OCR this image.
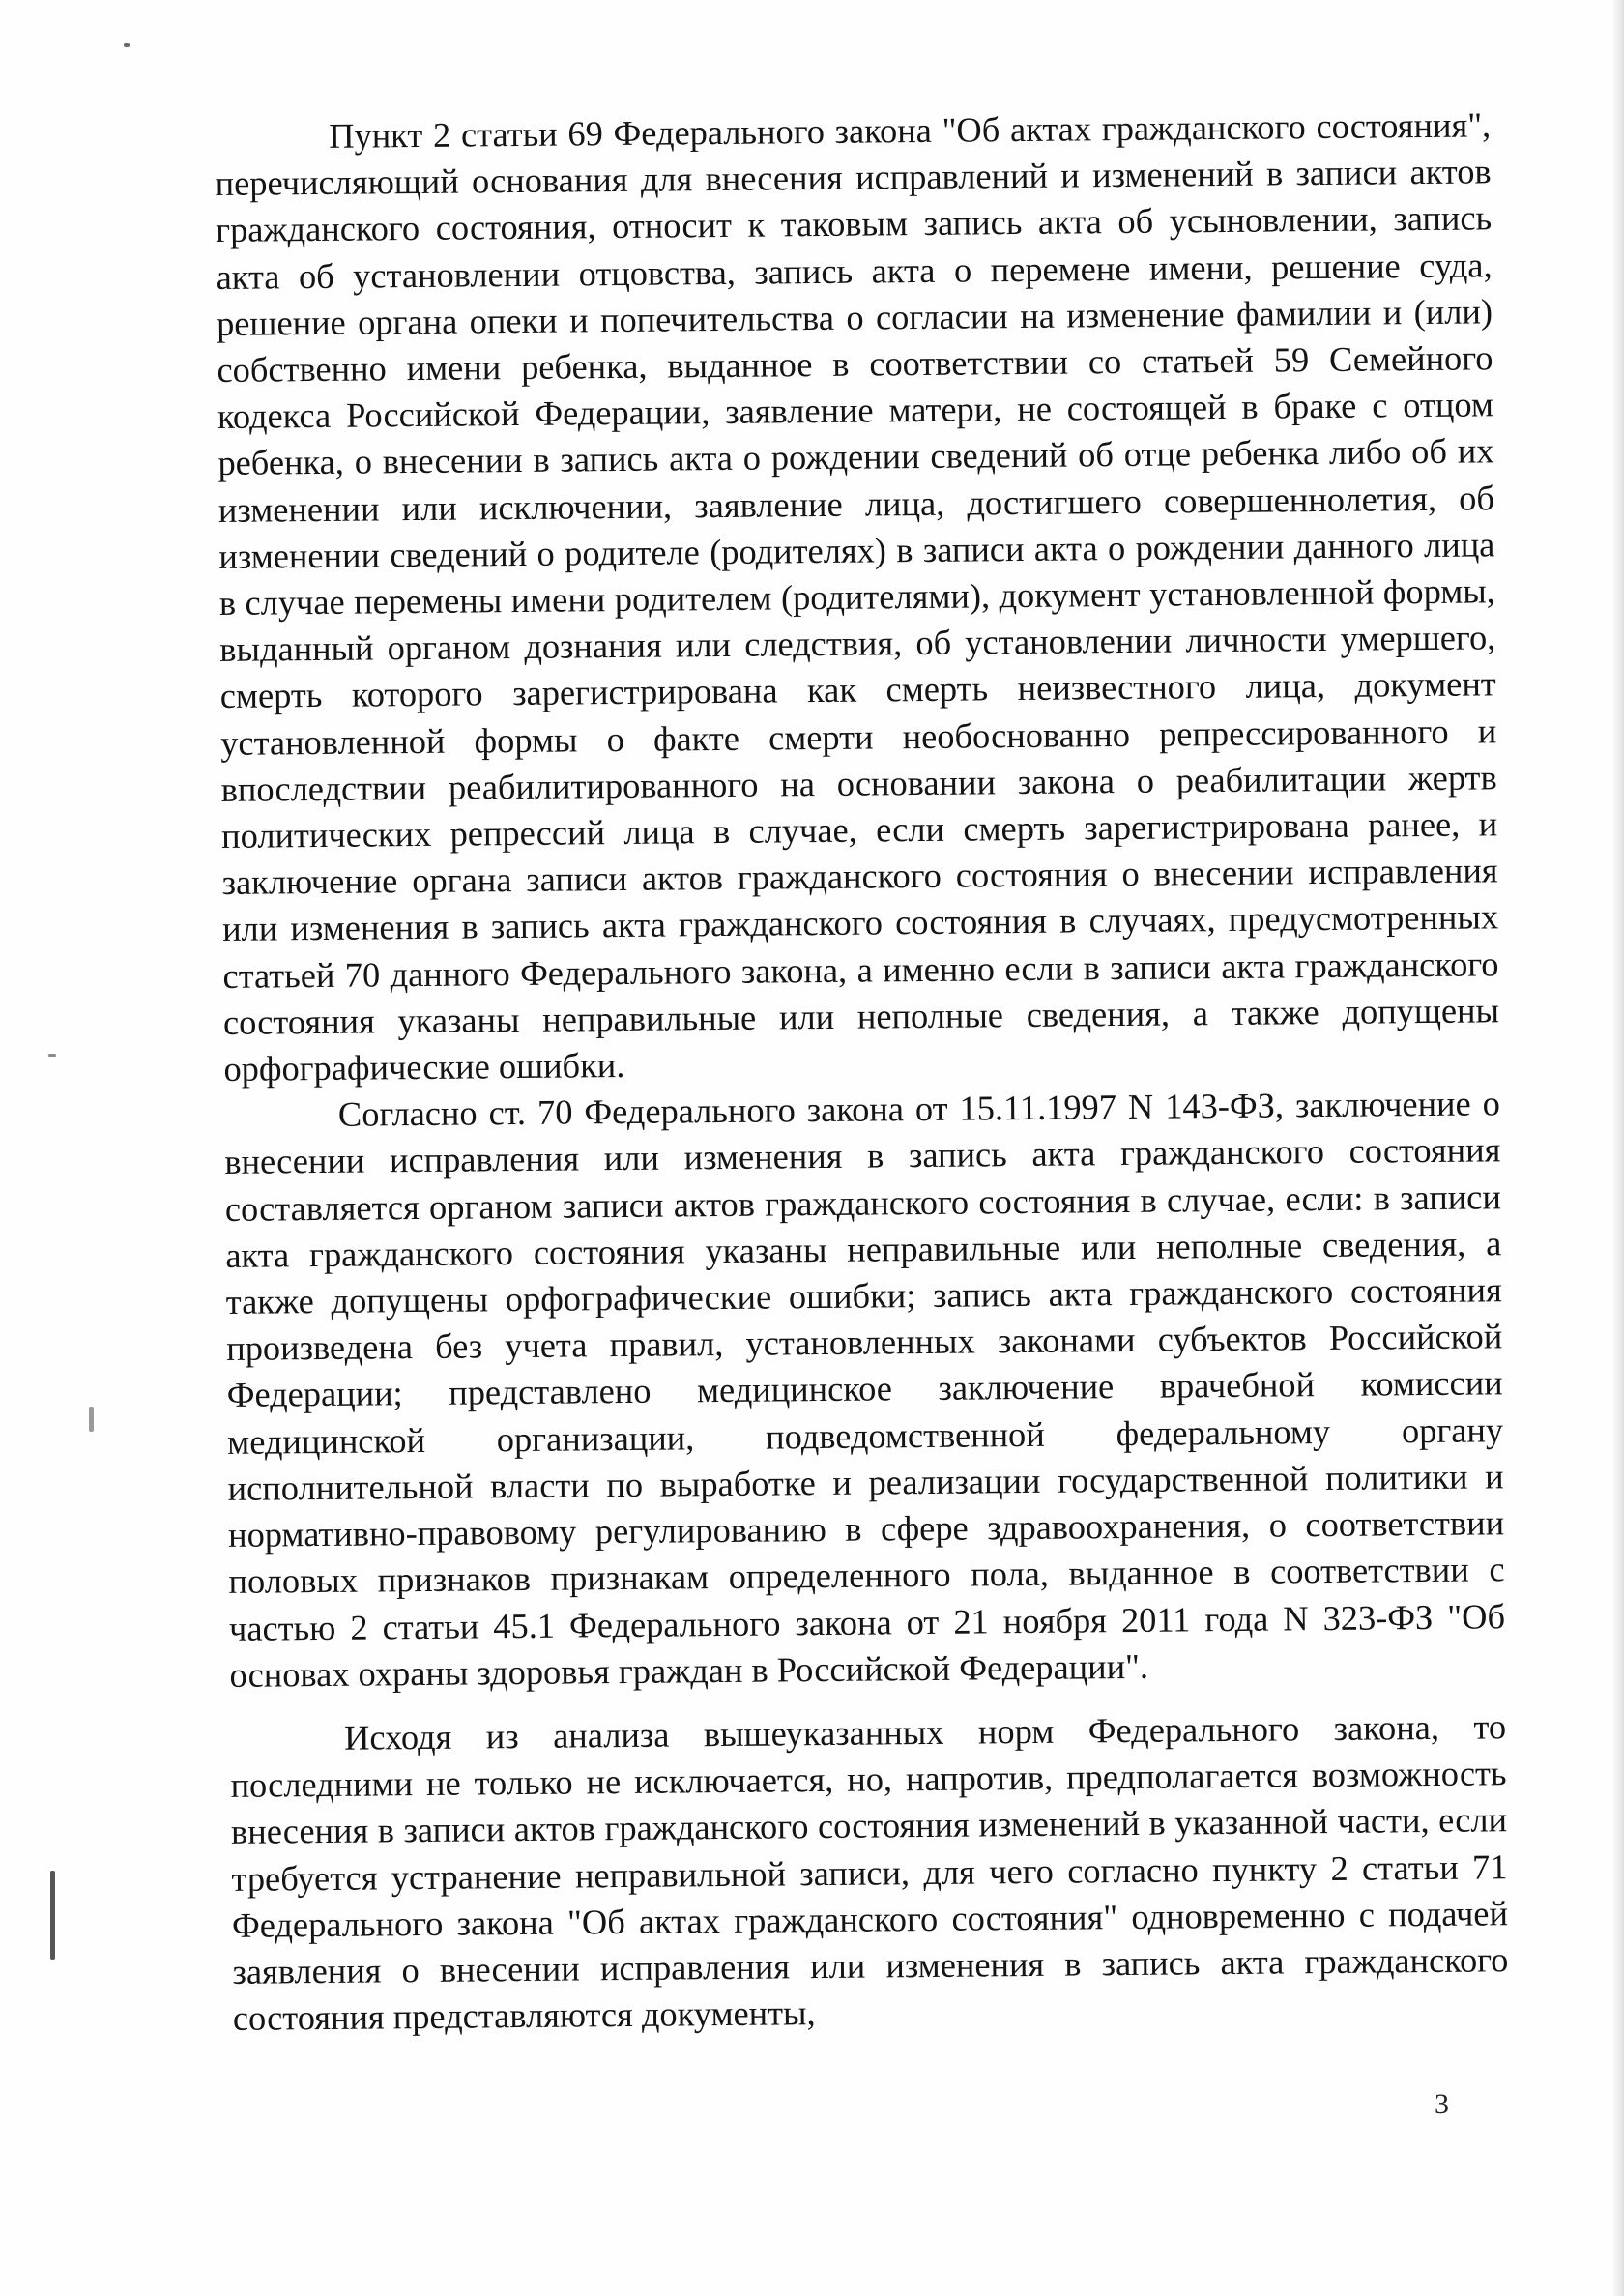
Пункт 2 статьи 69 Федерального закона "Об актах гражданского состояния", перечисляющий основания для внесения исправлений и изменений в записи актов гражданского состояния, относит к таковым запись акта об усыновлении, запись акта об установлении отцовства, запись акта о перемене имени, решение суда, решение органа опеки и попечительства о согласии на изменение фамилии и (или) собственно имени ребенка, выданное в соответствии со статьей 59 Семейного кодекса Российской Федерации, заявление матери, не состоящей в браке с отцом ребенка, о внесении в запись акта о рождении сведений об отце ребенка либо об их изменении или исключении, заявление лица, достигшего совершеннолетия, об изменении сведений о родителе (родителях) в записи акта о рождении данного лица в случае перемены имени родителем (родителями), документ установленной формы, выданный органом дознания или следствия, об установлении личности умершего, смерть которого зарегистрирована как смерть неизвестного лица, документ установленной формы о факте смерти необоснованно репрессированного и впоследствии реабилитированного на основании закона о реабилитации жертв политических репрессий лица в случае, если смерть зарегистрирована ранее, и заключение органа записи актов гражданского состояния о внесении исправления или изменения в запись акта гражданского состояния в случаях, предусмотренных статьей 70 данного Федерального закона, а именно если в записи акта гражданского состояния указаны неправильные или неполные сведения, а также допущены орфографические ошибки.

Согласно ст. 70 Федерального закона от 15.11.1997 N 143-ФЗ, заключение о внесении исправления или изменения в запись акта гражданского состояния составляется органом записи актов гражданского состояния в случае, если: в записи акта гражданского состояния указаны неправильные или неполные сведения, а также допущены орфографические ошибки; запись акта гражданского состояния произведена без учета правил, установленных законами субъектов Российской Федерации; представлено медицинское заключение врачебной комиссии медицинской организации, подведомственной федеральному органу исполнительной власти по выработке и реализации государственной политики и нормативно-правовому регулированию в сфере здравоохранения, о соответствии половых признаков признакам определенного пола, выданное в соответствии с частью 2 статьи 45.1 Федерального закона от 21 ноября 2011 года N 323-ФЗ "Об основах охраны здоровья граждан в Российской Федерации".

Исходя из анализа вышеуказанных норм Федерального закона, то последними не только не исключается, но, напротив, предполагается возможность внесения в записи актов гражданского состояния изменений в указанной части, если требуется устранение неправильной записи, для чего согласно пункту 2 статьи 71 Федерального закона "Об актах гражданского состояния" одновременно с подачей заявления о внесении исправления или изменения в запись акта гражданского состояния представляются документы,

3
